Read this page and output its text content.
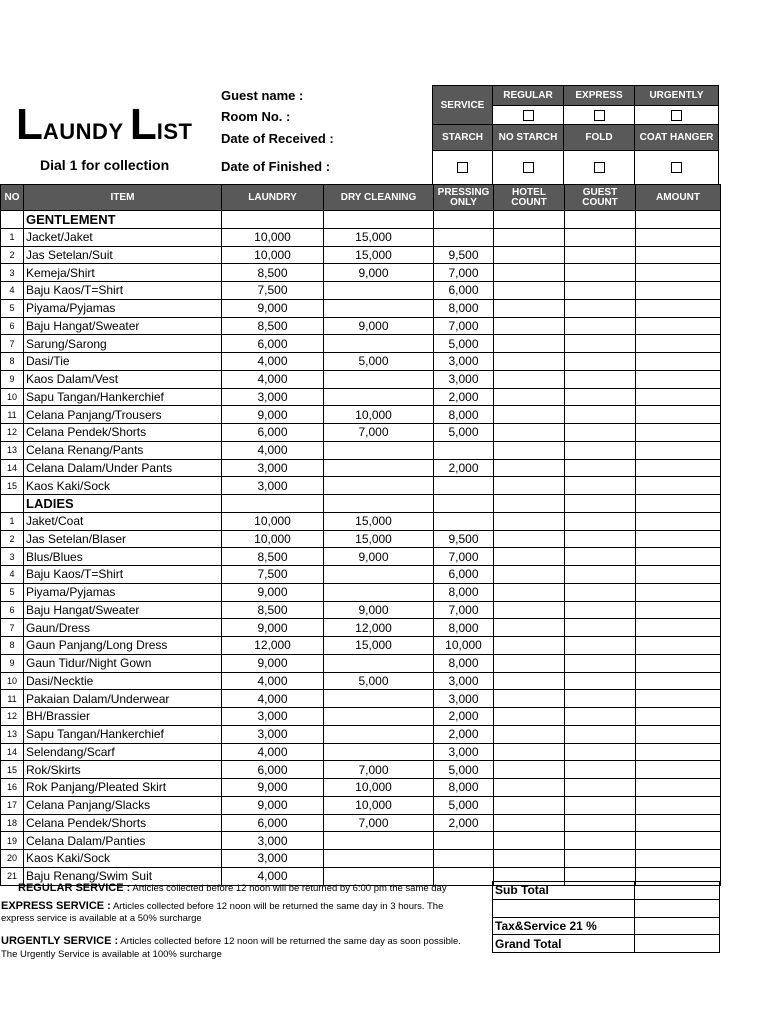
LAUNDY LIST
Dial 1 for collection
Guest name :
Room No. :
Date of Received :
Date of Finished :
SERVICE
REGULAR	EXPRESS	URGENTLY
STARCH	NO STARCH	FOLD	COAT HANGER
NO	ITEM	LAUNDRY	DRY CLEANING	PRESSING ONLY	HOTEL COUNT	GUEST COUNT	AMOUNT
	GENTLEMENT						
1	Jacket/Jaket	10,000	15,000				
2	Jas Setelan/Suit	10,000	15,000	9,500			
3	Kemeja/Shirt	8,500	9,000	7,000			
4	Baju Kaos/T=Shirt	7,500		6,000			
5	Piyama/Pyjamas	9,000		8,000			
6	Baju Hangat/Sweater	8,500	9,000	7,000			
7	Sarung/Sarong	6,000		5,000			
8	Dasi/Tie	4,000	5,000	3,000			
9	Kaos Dalam/Vest	4,000		3,000			
10	Sapu Tangan/Hankerchief	3,000		2,000			
11	Celana Panjang/Trousers	9,000	10,000	8,000			
12	Celana Pendek/Shorts	6,000	7,000	5,000			
13	Celana Renang/Pants	4,000					
14	Celana Dalam/Under Pants	3,000		2,000			
15	Kaos Kaki/Sock	3,000					
	LADIES						
1	Jaket/Coat	10,000	15,000				
2	Jas Setelan/Blaser	10,000	15,000	9,500			
3	Blus/Blues	8,500	9,000	7,000			
4	Baju Kaos/T=Shirt	7,500		6,000			
5	Piyama/Pyjamas	9,000		8,000			
6	Baju Hangat/Sweater	8,500	9,000	7,000			
7	Gaun/Dress	9,000	12,000	8,000			
8	Gaun Panjang/Long Dress	12,000	15,000	10,000			
9	Gaun Tidur/Night Gown	9,000		8,000			
10	Dasi/Necktie	4,000	5,000	3,000			
11	Pakaian Dalam/Underwear	4,000		3,000			
12	BH/Brassier	3,000		2,000			
13	Sapu Tangan/Hankerchief	3,000		2,000			
14	Selendang/Scarf	4,000		3,000			
15	Rok/Skirts	6,000	7,000	5,000			
16	Rok Panjang/Pleated Skirt	9,000	10,000	8,000			
17	Celana Panjang/Slacks	9,000	10,000	5,000			
18	Celana Pendek/Shorts	6,000	7,000	2,000			
19	Celana Dalam/Panties	3,000					
20	Kaos Kaki/Sock	3,000					
21	Baju Renang/Swim Suit	4,000					
REGULAR SERVICE : Articles collected before 12 noon will be returned by 6:00 pm the same day
EXPRESS SERVICE : Articles collected before 12 noon will be returned the same day in 3 hours. The
express service is available at a 50% surcharge
URGENTLY SERVICE : Articles collected before 12 noon will be returned the same day as soon possible.
The Urgently Service is available at 100% surcharge
Sub Total	

Tax&Service 21 %	
Grand Total	
